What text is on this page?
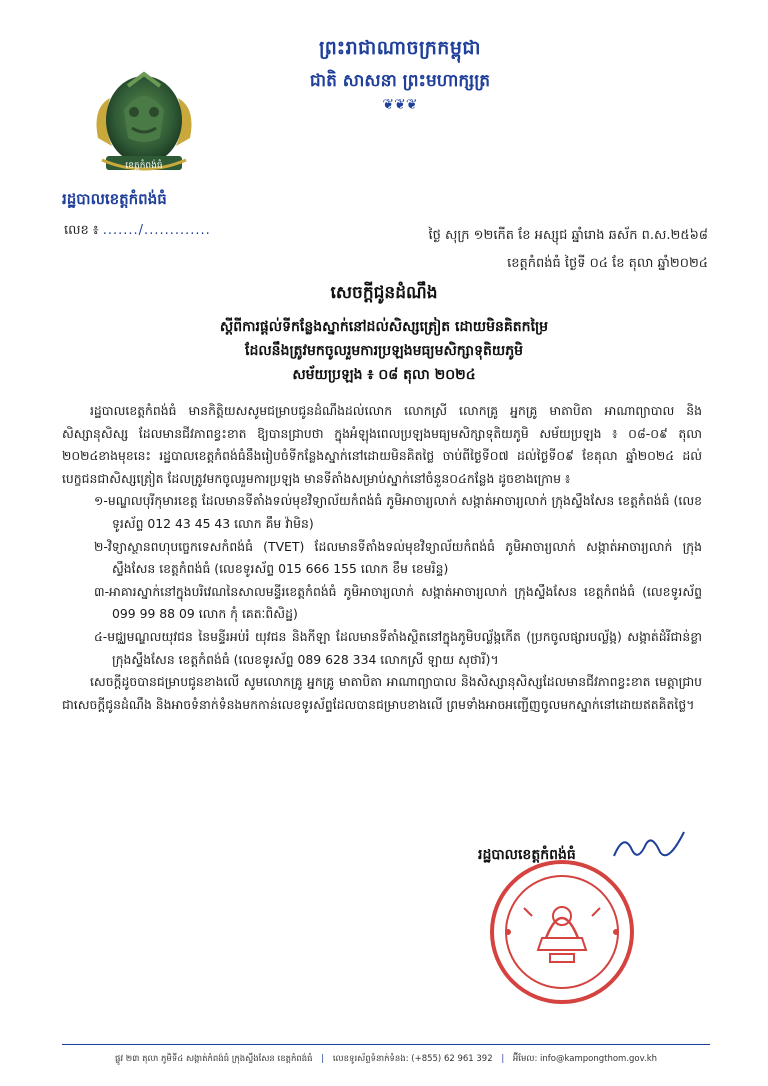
ព្រះរាជាណាចក្រកម្ពុជា
ជាតិ សាសនា ព្រះមហាក្សត្រ
❦❦❦
ខេត្តកំពង់ធំ
រដ្ឋបាលខេត្តកំពង់ធំ
លេខ ៖ ......./.............	ថ្ងៃ សុក្រ ១២កើត ខែ អស្សុជ ឆ្នាំរោង ឆស័ក ព.ស.២៥៦៨
ខេត្តកំពង់ធំ ថ្ងៃទី ០៤ ខែ តុលា ឆ្នាំ២០២៤
សេចក្ដីជូនដំណឹង
ស្ដីពីការផ្ដល់ទីកន្លែងស្នាក់នៅដល់សិស្សត្រៀត ដោយមិនគិតកម្រៃ
ដែលនឹងត្រូវមកចូលរួមការប្រឡងមធ្យមសិក្សាទុតិយភូមិ
សម័យប្រឡង ៖ ០៨ តុលា ២០២៤

រដ្ឋបាលខេត្តកំពង់ធំ មានកិត្តិយសសូមជម្រាបជូនដំណឹងដល់លោក លោកស្រី លោកគ្រូ អ្នកគ្រូ មាតាបិតា អាណាព្យាបាល និងសិស្សានុសិស្ស ដែលមានជីវភាពខ្វះខាត ឱ្យបានជ្រាបថា ក្នុងអំឡុងពេលប្រឡងមធ្យមសិក្សាទុតិយភូមិ សម័យប្រឡង ៖ ០៨-០៩ តុលា ២០២៤ខាងមុខនេះ រដ្ឋបាលខេត្តកំពង់ធំនឹងរៀបចំទីកន្លែងស្នាក់នៅដោយមិនគិតថ្លៃ ចាប់ពីថ្ងៃទី០៧ ដល់ថ្ងៃទី០៩ ខែតុលា ឆ្នាំ២០២៤ ដល់បេក្ខជនជាសិស្សត្រៀត ដែលត្រូវមកចូលរួមការប្រឡង មានទីតាំងសម្រាប់ស្នាក់នៅចំនួន០៤កន្លែង ដូចខាងក្រោម ៖

១-មណ្ឌលបុរីកុមារខេត្ត ដែលមានទីតាំងទល់មុខវិទ្យាល័យកំពង់ធំ ភូមិអាចារ្យលាក់ សង្កាត់អាចារ្យលាក់ ក្រុងស្ទឹងសែន ខេត្តកំពង់ធំ (លេខទូរស័ព្ទ 012 43 45 43 លោក គឹម វ៉ាមិន)

២-វិទ្យាស្ថានពហុបច្ចេកទេសកំពង់ធំ (TVET) ដែលមានទីតាំងទល់មុខវិទ្យាល័យកំពង់ធំ ភូមិអាចារ្យលាក់ សង្កាត់អាចារ្យលាក់ ក្រុងស្ទឹងសែន ខេត្តកំពង់ធំ (លេខទូរស័ព្ទ 015 666 155 លោក ខឹម ខេមរិន្ទ)

៣-អាគារស្នាក់នៅក្នុងបរិវេណនៃសាលមន្ទីរខេត្តកំពង់ធំ ភូមិអាចារ្យលាក់ សង្កាត់អាចារ្យលាក់ ក្រុងស្ទឹងសែន ខេត្តកំពង់ធំ (លេខទូរស័ព្ទ 099 99 88 09 លោក កុំ គេតៈពិសិដ្ឋ)

៤-មជ្ឈមណ្ឌលយុវជន នៃមន្ទីរអប់រំ យុវជន និងកីឡា ដែលមានទីតាំងស្ថិតនៅក្នុងភូមិបល្ល័ង្កកើត (ប្រកចូលផ្សារបល្ល័ង្ក) សង្កាត់ដំរីជាន់ខ្លា ក្រុងស្ទឹងសែន ខេត្តកំពង់ធំ (លេខទូរស័ព្ទ 089 628 334 លោកស្រី ឡាយ សុថារី)។

សេចក្ដីដូចបានជម្រាបជូនខាងលើ សូមលោកគ្រូ អ្នកគ្រូ មាតាបិតា អាណាព្យាបាល និងសិស្សានុសិស្សដែលមានជីវភាពខ្វះខាត មេត្តាជ្រាបជាសេចក្ដីជូនដំណឹង និងអាចទំនាក់ទំនងមកកាន់លេខទូរស័ព្ទដែលបានជម្រាបខាងលើ ព្រមទាំងអាចអញ្ជើញចូលមកស្នាក់នៅដោយឥតគិតថ្លៃ។

រដ្ឋបាលខេត្តកំពង់ធំ
ផ្លូវ ២៣ តុលា ភូមិទី៤ សង្កាត់កំពង់ធំ ក្រុងស្ទឹងសែន ខេត្តកំពង់ធំ | លេខទូរស័ព្ទទំនាក់ទំនង: (+855) 62 961 392 | អ៊ីមែល: info@kampongthom.gov.kh
